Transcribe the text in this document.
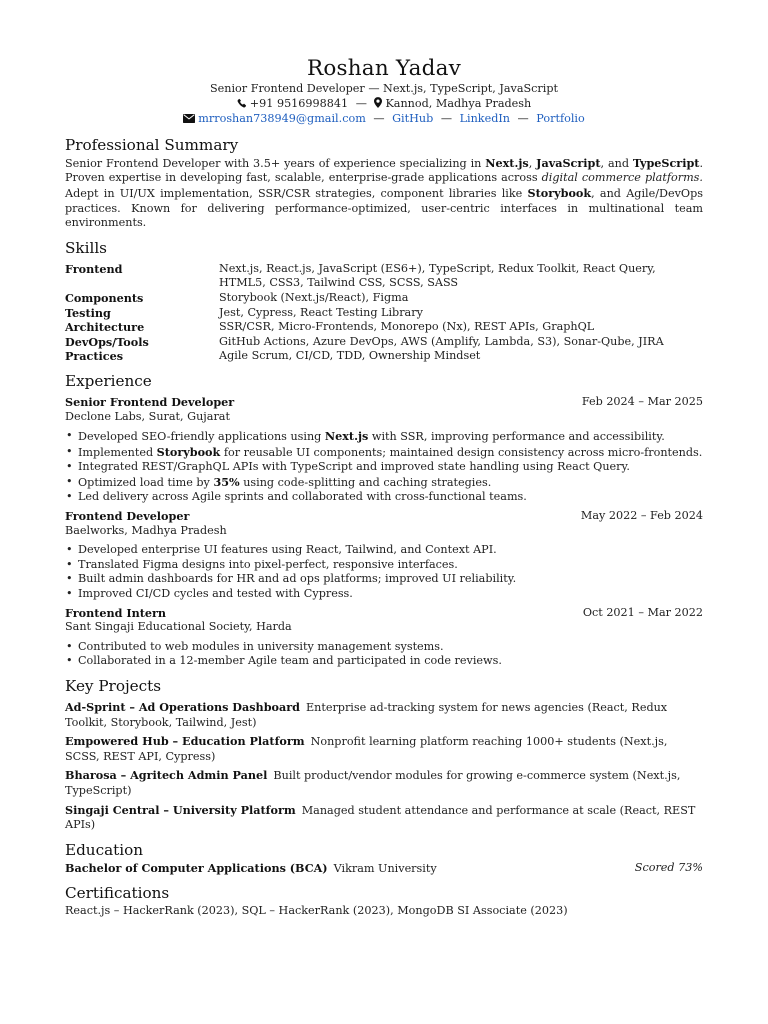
Roshan Yadav
Senior Frontend Developer — Next.js, TypeScript, JavaScript
+91 9516998841 — Kannod, Madhya Pradesh
mrroshan738949@gmail.com — GitHub — LinkedIn — Portfolio
Professional Summary
Senior Frontend Developer with 3.5+ years of experience specializing in Next.js, JavaScript, and TypeScript. Proven expertise in developing fast, scalable, enterprise-grade applications across digital commerce platforms. Adept in UI/UX implementation, SSR/CSR strategies, component libraries like Storybook, and Agile/DevOps practices. Known for delivering performance-optimized, user-centric interfaces in multinational team environments.
Skills
Frontend	Next.js, React.js, JavaScript (ES6+), TypeScript, Redux Toolkit, React Query, HTML5, CSS3, Tailwind CSS, SCSS, SASS
Components	Storybook (Next.js/React), Figma
Testing	Jest, Cypress, React Testing Library
Architecture	SSR/CSR, Micro-Frontends, Monorepo (Nx), REST APIs, GraphQL
DevOps/Tools	GitHub Actions, Azure DevOps, AWS (Amplify, Lambda, S3), Sonar-Qube, JIRA
Practices	Agile Scrum, CI/CD, TDD, Ownership Mindset
Experience
Senior Frontend Developer	Feb 2024 – Mar 2025
Declone Labs, Surat, Gujarat
• Developed SEO-friendly applications using Next.js with SSR, improving performance and accessibility.
• Implemented Storybook for reusable UI components; maintained design consistency across micro-frontends.
• Integrated REST/GraphQL APIs with TypeScript and improved state handling using React Query.
• Optimized load time by 35% using code-splitting and caching strategies.
• Led delivery across Agile sprints and collaborated with cross-functional teams.
Frontend Developer	May 2022 – Feb 2024
Baelworks, Madhya Pradesh
• Developed enterprise UI features using React, Tailwind, and Context API.
• Translated Figma designs into pixel-perfect, responsive interfaces.
• Built admin dashboards for HR and ad ops platforms; improved UI reliability.
• Improved CI/CD cycles and tested with Cypress.
Frontend Intern	Oct 2021 – Mar 2022
Sant Singaji Educational Society, Harda
• Contributed to web modules in university management systems.
• Collaborated in a 12-member Agile team and participated in code reviews.
Key Projects
Ad-Sprint – Ad Operations Dashboard Enterprise ad-tracking system for news agencies (React, Redux Toolkit, Storybook, Tailwind, Jest)
Empowered Hub – Education Platform Nonprofit learning platform reaching 1000+ students (Next.js, SCSS, REST API, Cypress)
Bharosa – Agritech Admin Panel Built product/vendor modules for growing e-commerce system (Next.js, TypeScript)
Singaji Central – University Platform Managed student attendance and performance at scale (React, REST APIs)
Education
Bachelor of Computer Applications (BCA) Vikram University	Scored 73%
Certifications
React.js – HackerRank (2023), SQL – HackerRank (2023), MongoDB SI Associate (2023)
